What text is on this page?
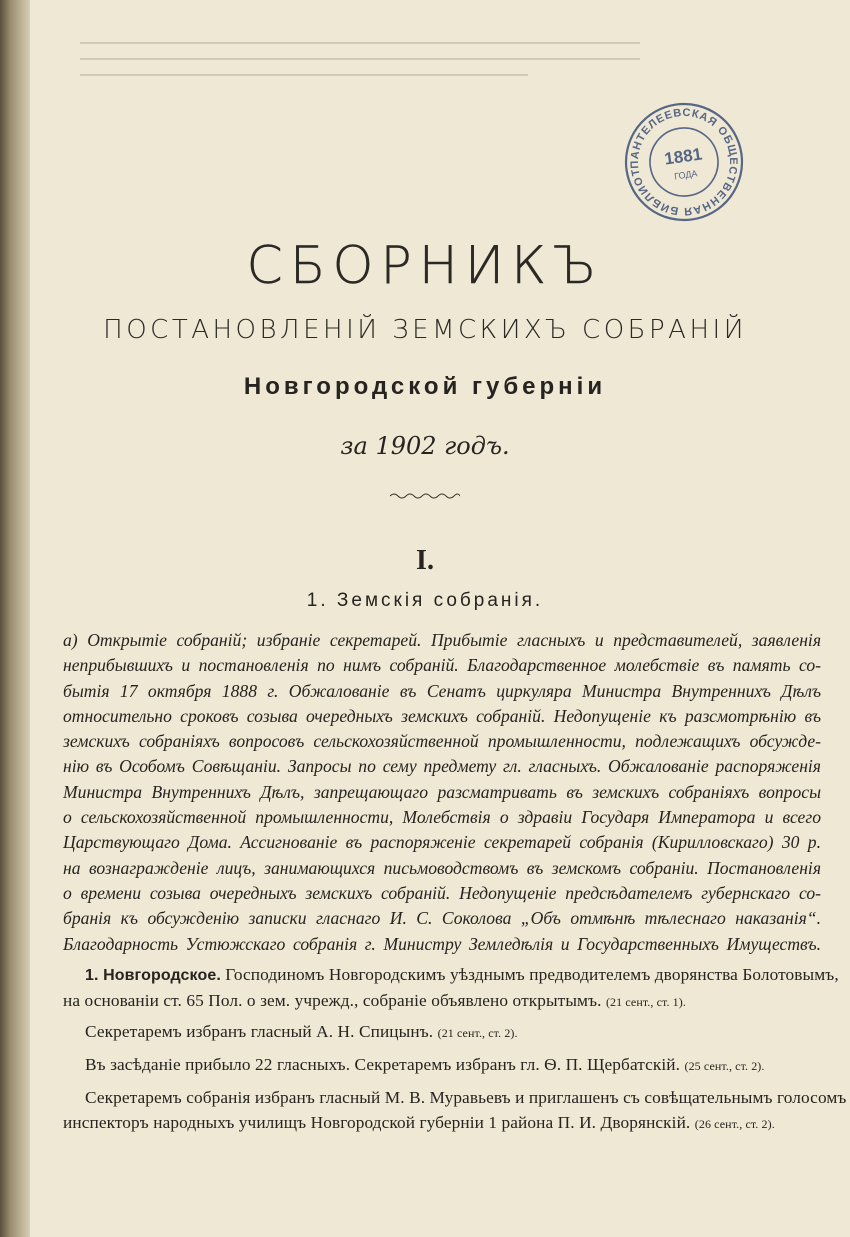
ПАНТЕЛЕЕВСКАЯ ОБЩЕСТВЕННАЯ БИБЛИОТЕКА
1881
ГОДА
СБОРНИКЪ
ПОСТАНОВЛЕНІЙ ЗЕМСКИХЪ СОБРАНІЙ
Новгородской губерніи
за 1902 годъ.
I.
1. Земскія собранія.
а) Открытіе собраній; избраніе секретарей. Прибытіе гласныхъ и представителей, заявленія
неприбывшихъ и постановленія по нимъ собраній. Благодарственное молебствіе въ память со-
бытія 17 октября 1888 г. Обжалованіе въ Сенатъ циркуляра Министра Внутреннихъ Дѣлъ
относительно сроковъ созыва очередныхъ земскихъ собраній. Недопущеніе къ разсмотрѣнію въ
земскихъ собраніяхъ вопросовъ сельскохозяйственной промышленности, подлежащихъ обсужде-
нію въ Особомъ Совѣщаніи. Запросы по сему предмету гл. гласныхъ. Обжалованіе распоряженія
Министра Внутреннихъ Дѣлъ, запрещающаго разсматривать въ земскихъ собраніяхъ вопросы
о сельскохозяйственной промышленности, Молебствія о здравіи Государя Императора и всего
Царствующаго Дома. Ассигнованіе въ распоряженіе секретарей собранія (Кирилловскаго) 30 р.
на вознагражденіе лицъ, занимающихся письмоводствомъ въ земскомъ собраніи. Постановленія
о времени созыва очередныхъ земскихъ собраній. Недопущеніе предсѣдателемъ губернскаго со-
бранія къ обсужденію записки гласнаго И. С. Соколова „Объ отмѣнѣ тѣлеснаго наказанія“.
Благодарность Устюжскаго собранія г. Министру Земледѣлія и Государственныхъ Имуществъ.
1. Новгородское. Господиномъ Новгородскимъ уѣзднымъ предводителемъ дворянства Болотовымъ,
на основаніи ст. 65 Пол. о зем. учрежд., собраніе объявлено открытымъ. (21 сент., ст. 1).
Секретаремъ избранъ гласный А. Н. Спицынъ. (21 сент., ст. 2).
Въ засѣданіе прибыло 22 гласныхъ. Секретаремъ избранъ гл. Ѳ. П. Щербатскій. (25 сент., ст. 2).
Секретаремъ собранія избранъ гласный М. В. Муравьевъ и приглашенъ съ совѣщательнымъ голосомъ
инспекторъ народныхъ училищъ Новгородской губерніи 1 района П. И. Дворянскій. (26 сент., ст. 2).
